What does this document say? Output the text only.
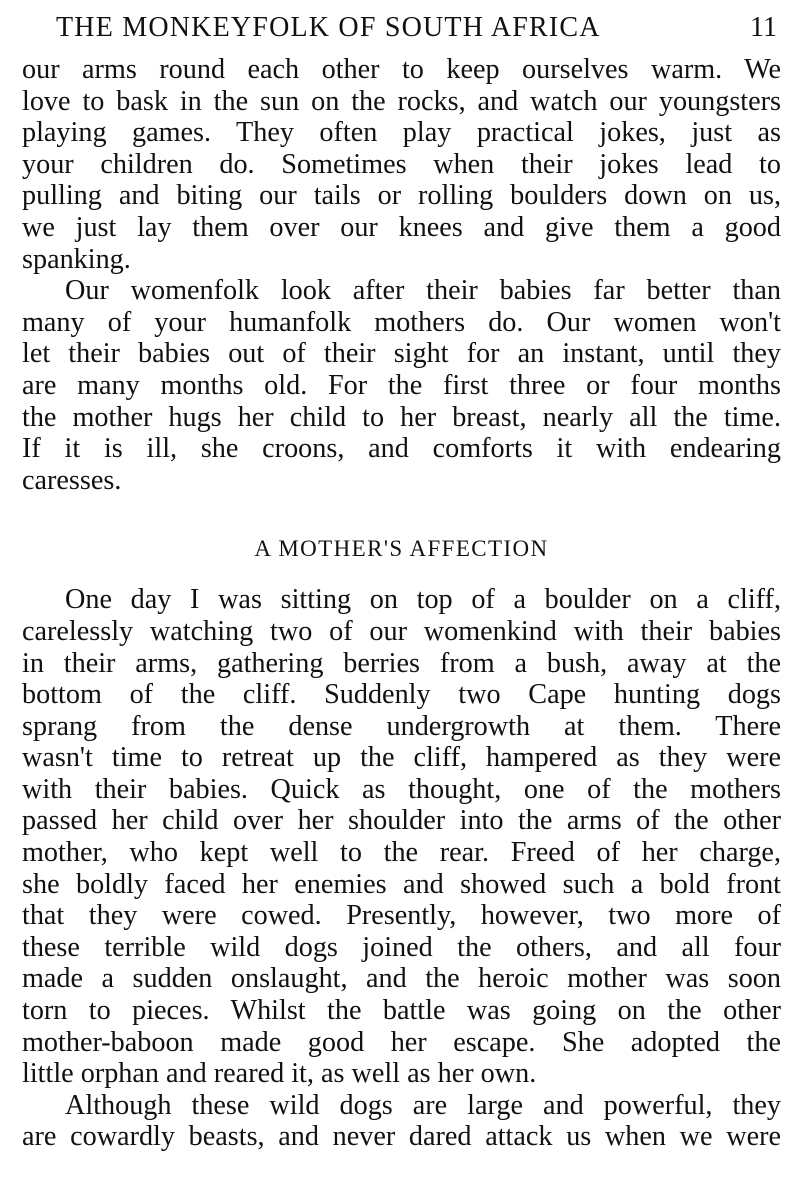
THE MONKEYFOLK OF SOUTH AFRICA	11
our arms round each other to keep ourselves warm. We
love to bask in the sun on the rocks, and watch our youngsters
playing games. They often play practical jokes, just as
your children do. Sometimes when their jokes lead to
pulling and biting our tails or rolling boulders down on us,
we just lay them over our knees and give them a good
spanking.
Our womenfolk look after their babies far better than
many of your humanfolk mothers do. Our women won't
let their babies out of their sight for an instant, until they
are many months old. For the first three or four months
the mother hugs her child to her breast, nearly all the time.
If it is ill, she croons, and comforts it with endearing
caresses.
A MOTHER'S AFFECTION
One day I was sitting on top of a boulder on a cliff,
carelessly watching two of our womenkind with their babies
in their arms, gathering berries from a bush, away at the
bottom of the cliff. Suddenly two Cape hunting dogs
sprang from the dense undergrowth at them. There
wasn't time to retreat up the cliff, hampered as they were
with their babies. Quick as thought, one of the mothers
passed her child over her shoulder into the arms of the other
mother, who kept well to the rear. Freed of her charge,
she boldly faced her enemies and showed such a bold front
that they were cowed. Presently, however, two more of
these terrible wild dogs joined the others, and all four
made a sudden onslaught, and the heroic mother was soon
torn to pieces. Whilst the battle was going on the other
mother-baboon made good her escape. She adopted the
little orphan and reared it, as well as her own.
Although these wild dogs are large and powerful, they
are cowardly beasts, and never dared attack us when we were
